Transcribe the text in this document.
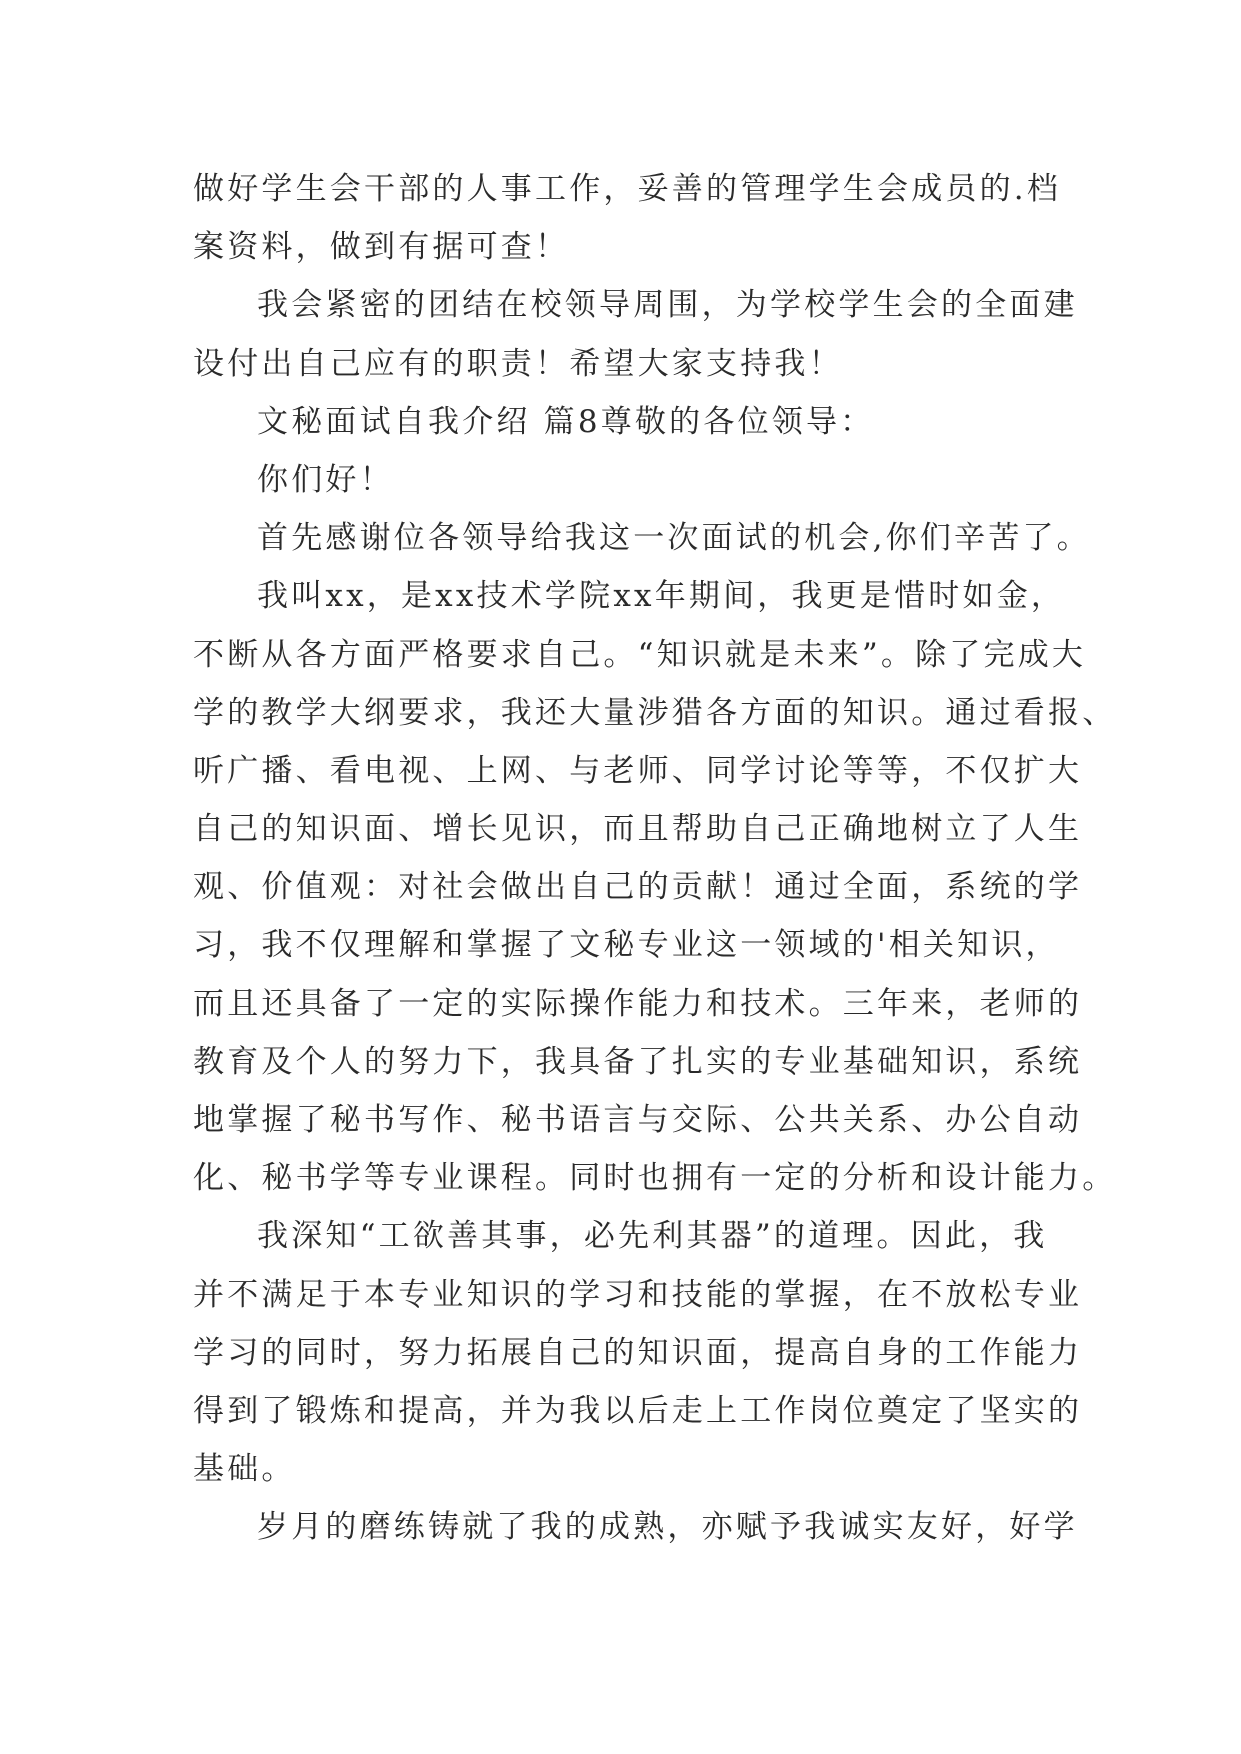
做好学生会干部的人事工作，妥善的管理学生会成员的.档
案资料，做到有据可查！
我会紧密的团结在校领导周围，为学校学生会的全面建
设付出自己应有的职责！希望大家支持我！
文秘面试自我介绍 篇8尊敬的各位领导：
你们好！
首先感谢位各领导给我这一次面试的机会,你们辛苦了。
我叫xx，是xx技术学院xx年期间，我更是惜时如金，
不断从各方面严格要求自己。“知识就是未来”。除了完成大
学的教学大纲要求，我还大量涉猎各方面的知识。通过看报、
听广播、看电视、上网、与老师、同学讨论等等，不仅扩大
自己的知识面、增长见识，而且帮助自己正确地树立了人生
观、价值观：对社会做出自己的贡献！通过全面，系统的学
习，我不仅理解和掌握了文秘专业这一领域的'相关知识，
而且还具备了一定的实际操作能力和技术。三年来，老师的
教育及个人的努力下，我具备了扎实的专业基础知识，系统
地掌握了秘书写作、秘书语言与交际、公共关系、办公自动
化、秘书学等专业课程。同时也拥有一定的分析和设计能力。
我深知“工欲善其事，必先利其器”的道理。因此，我
并不满足于本专业知识的学习和技能的掌握，在不放松专业
学习的同时，努力拓展自己的知识面，提高自身的工作能力
得到了锻炼和提高，并为我以后走上工作岗位奠定了坚实的
基础。
岁月的磨练铸就了我的成熟，亦赋予我诚实友好，好学
